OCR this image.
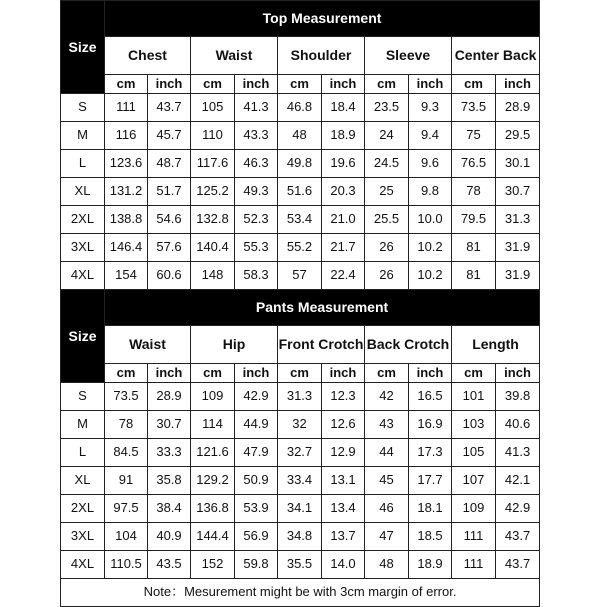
Size	Top Measurement									
	Chest		Waist		Shoulder		Sleeve		Center Back	
	cm	inch	cm	inch	cm	inch	cm	inch	cm	inch
S	111	43.7	105	41.3	46.8	18.4	23.5	9.3	73.5	28.9
M	116	45.7	110	43.3	48	18.9	24	9.4	75	29.5
L	123.6	48.7	117.6	46.3	49.8	19.6	24.5	9.6	76.5	30.1
XL	131.2	51.7	125.2	49.3	51.6	20.3	25	9.8	78	30.7
2XL	138.8	54.6	132.8	52.3	53.4	21.0	25.5	10.0	79.5	31.3
3XL	146.4	57.6	140.4	55.3	55.2	21.7	26	10.2	81	31.9
4XL	154	60.6	148	58.3	57	22.4	26	10.2	81	31.9
Size	Pants Measurement									
	Waist		Hip		Front Crotch		Back Crotch		Length	
	cm	inch	cm	inch	cm	inch	cm	inch	cm	inch
S	73.5	28.9	109	42.9	31.3	12.3	42	16.5	101	39.8
M	78	30.7	114	44.9	32	12.6	43	16.9	103	40.6
L	84.5	33.3	121.6	47.9	32.7	12.9	44	17.3	105	41.3
XL	91	35.8	129.2	50.9	33.4	13.1	45	17.7	107	42.1
2XL	97.5	38.4	136.8	53.9	34.1	13.4	46	18.1	109	42.9
3XL	104	40.9	144.4	56.9	34.8	13.7	47	18.5	111	43.7
4XL	110.5	43.5	152	59.8	35.5	14.0	48	18.9	111	43.7
Note：Mesurement might be with 3cm margin of error.										
